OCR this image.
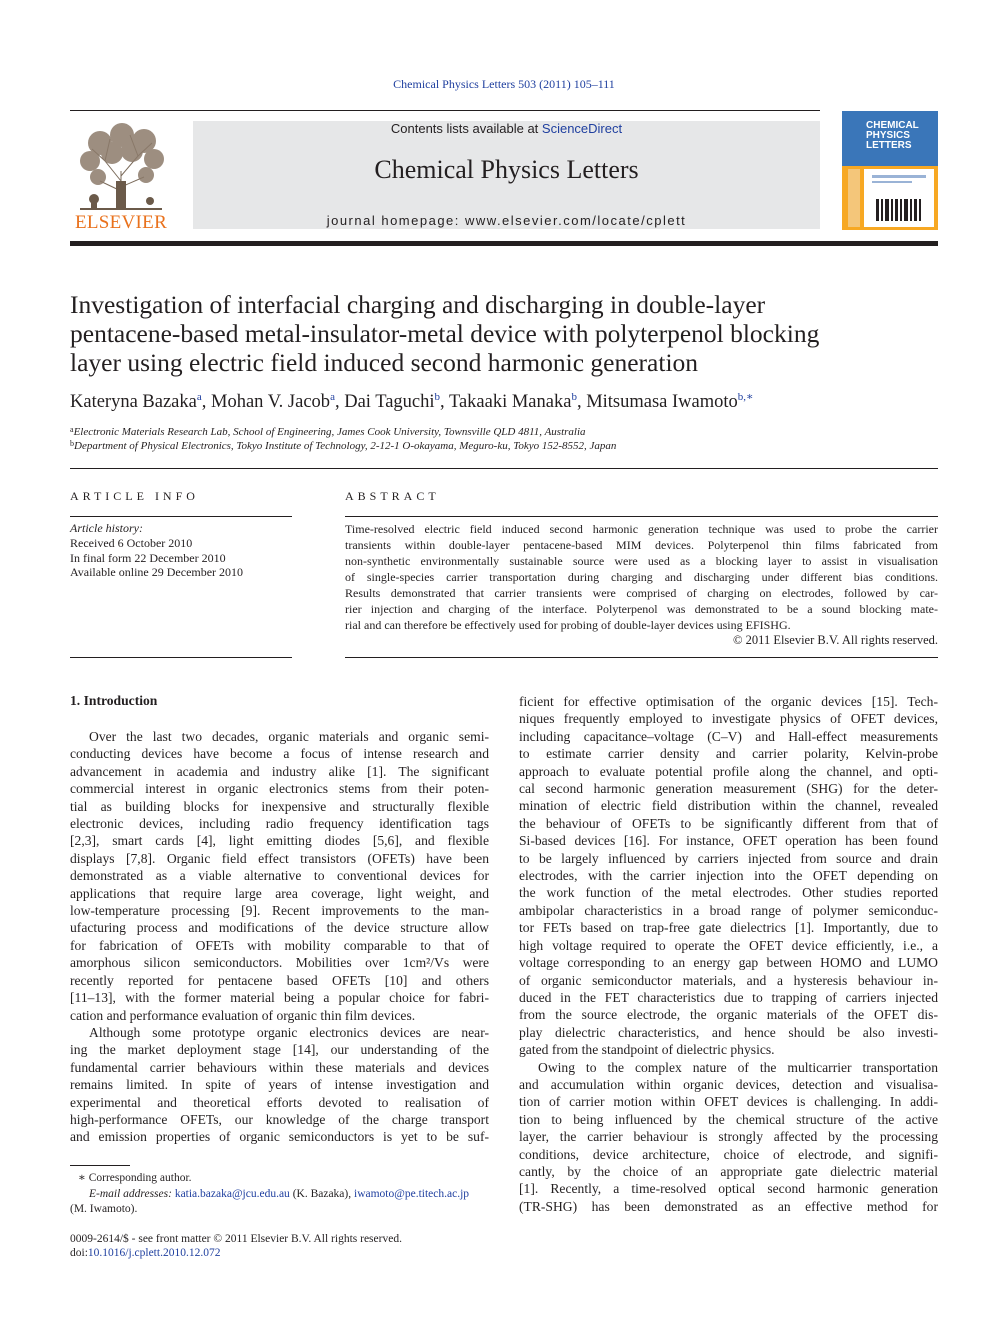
Chemical Physics Letters 503 (2011) 105–111
ELSEVIER
Contents lists available at ScienceDirect
Chemical Physics Letters
journal homepage: www.elsevier.com/locate/cplett
CHEMICAL
PHYSICS
LETTERS
Investigation of interfacial charging and discharging in double-layer
pentacene-based metal-insulator-metal device with polyterpenol blocking
layer using electric field induced second harmonic generation
Kateryna Bazaka$^a$, Mohan V. Jacob$^a$, Dai Taguchi$^b$, Takaaki Manaka$^b$, Mitsumasa Iwamoto$^{b,∗}$
$^a$Electronic Materials Research Lab, School of Engineering, James Cook University, Townsville QLD 4811, Australia
$^b$Department of Physical Electronics, Tokyo Institute of Technology, 2-12-1 O-okayama, Meguro-ku, Tokyo 152-8552, Japan
ARTICLE INFO
Article history:
Received 6 October 2010
In final form 22 December 2010
Available online 29 December 2010
ABSTRACT
Time-resolved electric field induced second harmonic generation technique was used to probe the carrier
transients within double-layer pentacene-based MIM devices. Polyterpenol thin films fabricated from
non-synthetic environmentally sustainable source were used as a blocking layer to assist in visualisation
of single-species carrier transportation during charging and discharging under different bias conditions.
Results demonstrated that carrier transients were comprised of charging on electrodes, followed by car-
rier injection and charging of the interface. Polyterpenol was demonstrated to be a sound blocking mate-
rial and can therefore be effectively used for probing of double-layer devices using EFISHG.
© 2011 Elsevier B.V. All rights reserved.
1. Introduction
Over the last two decades, organic materials and organic semi-
conducting devices have become a focus of intense research and
advancement in academia and industry alike [1]. The significant
commercial interest in organic electronics stems from their poten-
tial as building blocks for inexpensive and structurally flexible
electronic devices, including radio frequency identification tags
[2,3], smart cards [4], light emitting diodes [5,6], and flexible
displays [7,8]. Organic field effect transistors (OFETs) have been
demonstrated as a viable alternative to conventional devices for
applications that require large area coverage, light weight, and
low-temperature processing [9]. Recent improvements to the man-
ufacturing process and modifications of the device structure allow
for fabrication of OFETs with mobility comparable to that of
amorphous silicon semiconductors. Mobilities over 1cm²/Vs were
recently reported for pentacene based OFETs [10] and others
[11–13], with the former material being a popular choice for fabri-
cation and performance evaluation of organic thin film devices.
Although some prototype organic electronics devices are near-
ing the market deployment stage [14], our understanding of the
fundamental carrier behaviours within these materials and devices
remains limited. In spite of years of intense investigation and
experimental and theoretical efforts devoted to realisation of
high-performance OFETs, our knowledge of the charge transport
and emission properties of organic semiconductors is yet to be suf-
ficient for effective optimisation of the organic devices [15]. Tech-
niques frequently employed to investigate physics of OFET devices,
including capacitance–voltage (C–V) and Hall-effect measurements
to estimate carrier density and carrier polarity, Kelvin-probe
approach to evaluate potential profile along the channel, and opti-
cal second harmonic generation measurement (SHG) for the deter-
mination of electric field distribution within the channel, revealed
the behaviour of OFETs to be significantly different from that of
Si-based devices [16]. For instance, OFET operation has been found
to be largely influenced by carriers injected from source and drain
electrodes, with the carrier injection into the OFET depending on
the work function of the metal electrodes. Other studies reported
ambipolar characteristics in a broad range of polymer semiconduc-
tor FETs based on trap-free gate dielectrics [1]. Importantly, due to
high voltage required to operate the OFET device efficiently, i.e., a
voltage corresponding to an energy gap between HOMO and LUMO
of organic semiconductor materials, and a hysteresis behaviour in-
duced in the FET characteristics due to trapping of carriers injected
from the source electrode, the organic materials of the OFET dis-
play dielectric characteristics, and hence should be also investi-
gated from the standpoint of dielectric physics.
Owing to the complex nature of the multicarrier transportation
and accumulation within organic devices, detection and visualisa-
tion of carrier motion within OFET devices is challenging. In addi-
tion to being influenced by the chemical structure of the active
layer, the carrier behaviour is strongly affected by the processing
conditions, device architecture, choice of electrode, and signifi-
cantly, by the choice of an appropriate gate dielectric material
[1]. Recently, a time-resolved optical second harmonic generation
(TR-SHG) has been demonstrated as an effective method for
∗ Corresponding author.
E-mail addresses: katia.bazaka@jcu.edu.au (K. Bazaka), iwamoto@pe.titech.ac.jp
(M. Iwamoto).
0009-2614/$ - see front matter © 2011 Elsevier B.V. All rights reserved.
doi:10.1016/j.cplett.2010.12.072
